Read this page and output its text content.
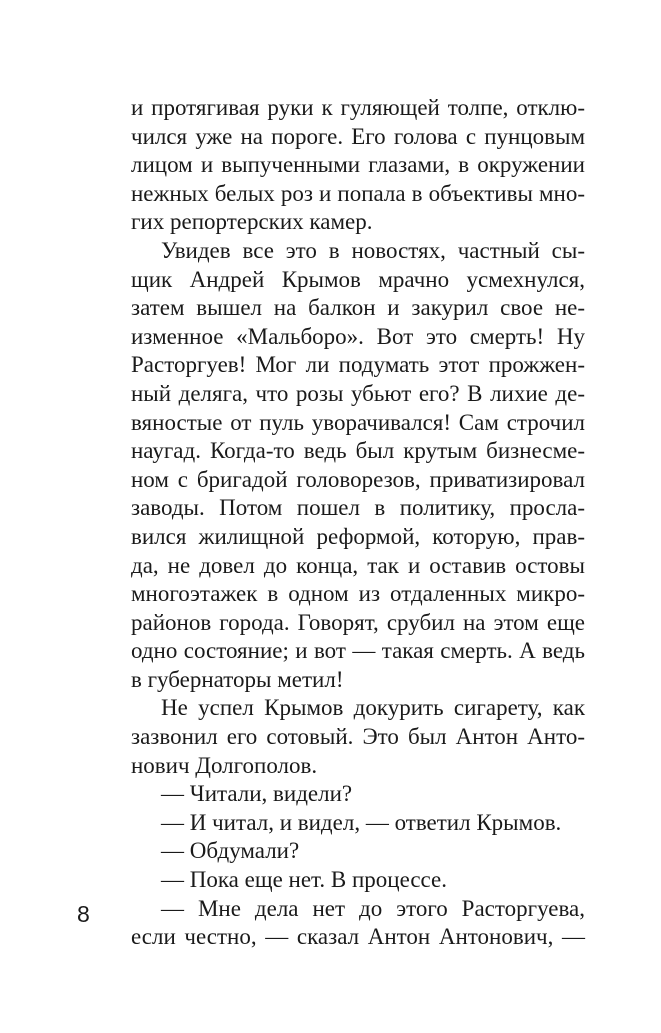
и протягивая руки к гуляющей толпе, отклю-
чился уже на пороге. Его голова с пунцовым
лицом и выпученными глазами, в окружении
нежных белых роз и попала в объективы мно-
гих репортерских камер.
Увидев все это в новостях, частный сы-
щик Андрей Крымов мрачно усмехнулся,
затем вышел на балкон и закурил свое не-
изменное «Мальборо». Вот это смерть! Ну
Расторгуев! Мог ли подумать этот прожжен-
ный деляга, что розы убьют его? В лихие де-
вяностые от пуль уворачивался! Сам строчил
наугад. Когда-то ведь был крутым бизнесме-
ном с бригадой головорезов, приватизировал
заводы. Потом пошел в политику, просла-
вился жилищной реформой, которую, прав-
да, не довел до конца, так и оставив остовы
многоэтажек в одном из отдаленных микро-
районов города. Говорят, срубил на этом еще
одно состояние; и вот — такая смерть. А ведь
в губернаторы метил!
Не успел Крымов докурить сигарету, как
зазвонил его сотовый. Это был Антон Анто-
нович Долгополов.
— Читали, видели?
— И читал, и видел, — ответил Крымов.
— Обдумали?
— Пока еще нет. В процессе.
— Мне дела нет до этого Расторгуева,
если честно, — сказал Антон Антонович, —
8
